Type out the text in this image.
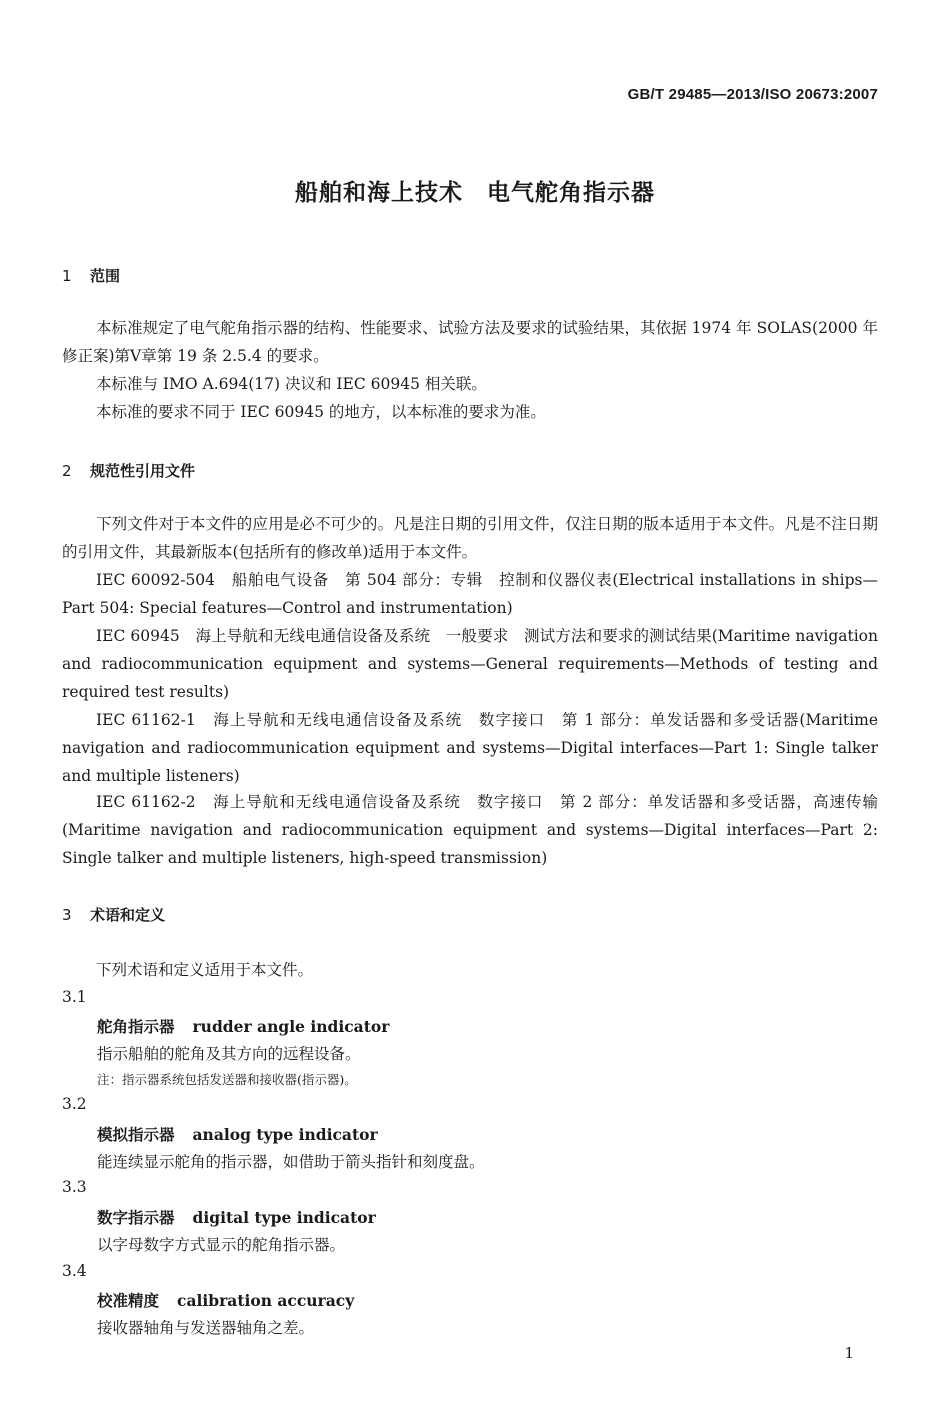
GB/T 29485—2013/ISO 20673:2007
船舶和海上技术　电气舵角指示器
1 范围
本标准规定了电气舵角指示器的结构、性能要求、试验方法及要求的试验结果，其依据 1974 年 SOLAS(2000 年修正案)第Ⅴ章第 19 条 2.5.4 的要求。
本标准与 IMO A.694(17) 决议和 IEC 60945 相关联。
本标准的要求不同于 IEC 60945 的地方，以本标准的要求为准。
2 规范性引用文件
下列文件对于本文件的应用是必不可少的。凡是注日期的引用文件，仅注日期的版本适用于本文件。凡是不注日期的引用文件，其最新版本(包括所有的修改单)适用于本文件。
IEC 60092-504　船舶电气设备　第 504 部分：专辑　控制和仪器仪表(Electrical installations in ships—Part 504: Special features—Control and instrumentation)
IEC 60945　海上导航和无线电通信设备及系统　一般要求　测试方法和要求的测试结果(Maritime navigation and radiocommunication equipment and systems—General requirements—Methods of testing and required test results)
IEC 61162-1　海上导航和无线电通信设备及系统　数字接口　第 1 部分：单发话器和多受话器(Maritime navigation and radiocommunication equipment and systems—Digital interfaces—Part 1: Single talker and multiple listeners)
IEC 61162-2　海上导航和无线电通信设备及系统　数字接口　第 2 部分：单发话器和多受话器，高速传输(Maritime navigation and radiocommunication equipment and systems—Digital interfaces—Part 2: Single talker and multiple listeners, high-speed transmission)
3 术语和定义
下列术语和定义适用于本文件。
3.1
舵角指示器 rudder angle indicator
指示船舶的舵角及其方向的远程设备。
注：指示器系统包括发送器和接收器(指示器)。
3.2
模拟指示器 analog type indicator
能连续显示舵角的指示器，如借助于箭头指针和刻度盘。
3.3
数字指示器 digital type indicator
以字母数字方式显示的舵角指示器。
3.4
校准精度 calibration accuracy
接收器轴角与发送器轴角之差。
1
